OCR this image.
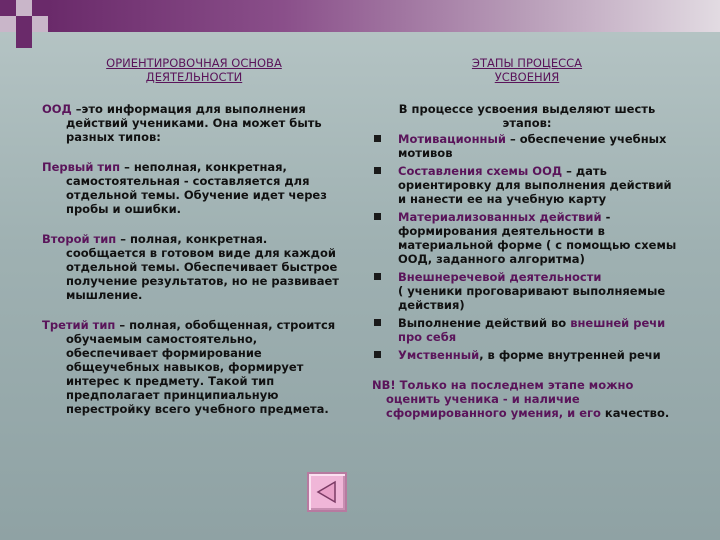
ОРИЕНТИРОВОЧНАЯ ОСНОВА
ДЕЯТЕЛЬНОСТИ

ООД –это информация для выполнения действий учениками. Она может быть разных типов:

Первый тип – неполная, конкретная, самостоятельная - составляется для отдельной темы. Обучение идет через пробы и ошибки.

Второй тип – полная, конкретная. сообщается в готовом виде для каждой отдельной темы. Обеспечивает быстрое получение результатов, но не развивает мышление.

Третий тип – полная, обобщенная, строится обучаемым самостоятельно, обеспечивает формирование общеучебных навыков, формирует интерес к предмету. Такой тип предполагает принципиальную перестройку всего учебного предмета.

ЭТАПЫ ПРОЦЕССА
УСВОЕНИЯ

В процессе усвоения выделяют шесть этапов:

Мотивационный – обеспечение учебных мотивов
Составления схемы ООД – дать ориентировку для выполнения действий и нанести ее на учебную карту
Материализованных действий - формирования деятельности в материальной форме ( с помощью схемы ООД, заданного алгоритма)
Внешнеречевой деятельности
( ученики проговаривают выполняемые действия)
Выполнение действий во внешней речи про себя
Умственный, в форме внутренней речи

NB! Только на последнем этапе можно оценить ученика - и наличие сформированного умения, и его качество.
